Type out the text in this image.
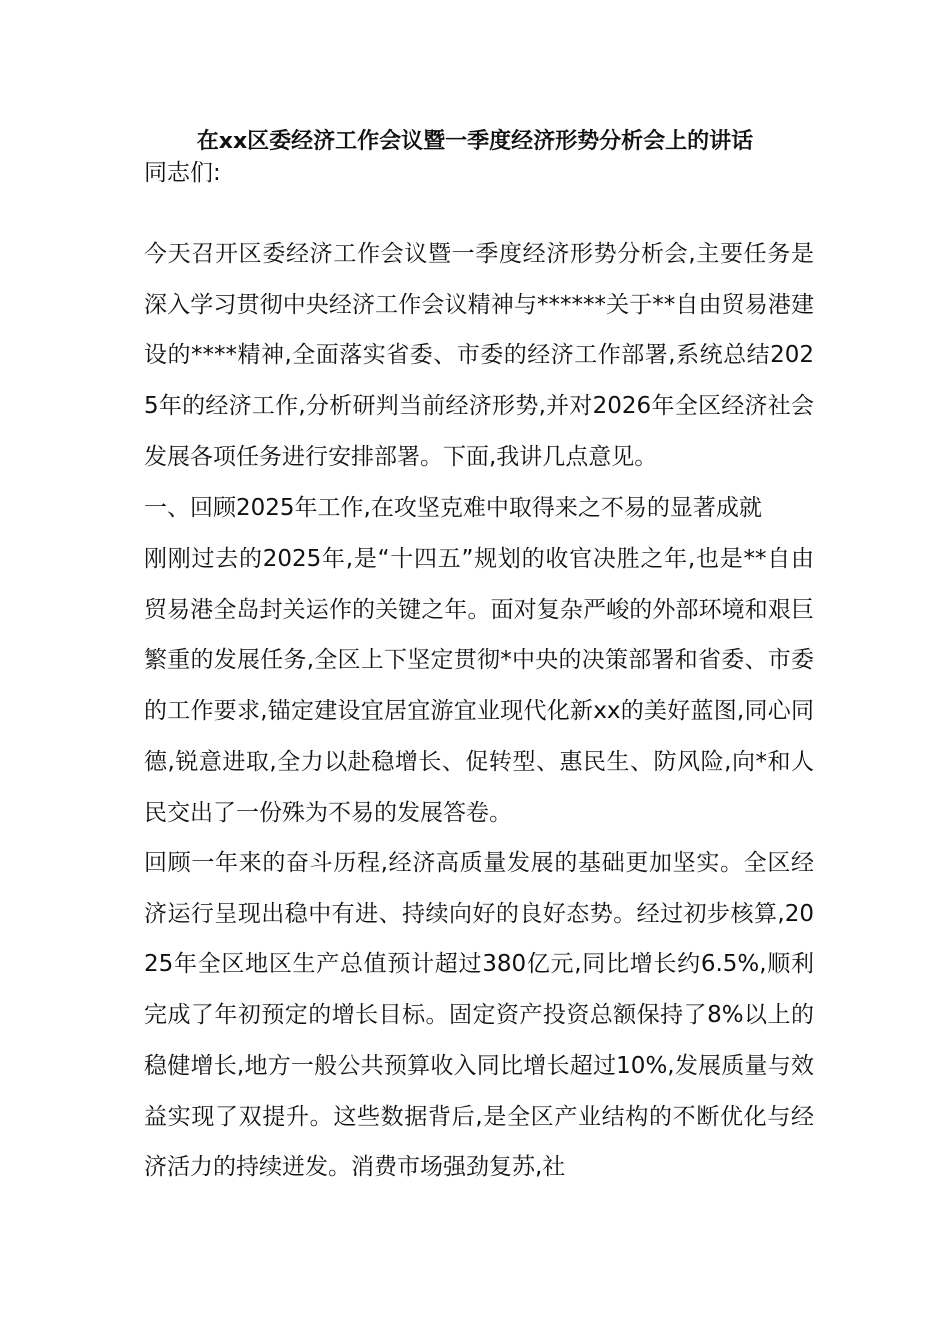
在xx区委经济工作会议暨一季度经济形势分析会上的讲话

同志们:

今天召开区委经济工作会议暨一季度经济形势分析会,主要任务是深入学习贯彻中央经济工作会议精神与******关于**自由贸易港建设的****精神,全面落实省委、市委的经济工作部署,系统总结2025年的经济工作,分析研判当前经济形势,并对2026年全区经济社会发展各项任务进行安排部署。下面,我讲几点意见。

一、回顾2025年工作,在攻坚克难中取得来之不易的显著成就

刚刚过去的2025年,是“十四五”规划的收官决胜之年,也是**自由贸易港全岛封关运作的关键之年。面对复杂严峻的外部环境和艰巨繁重的发展任务,全区上下坚定贯彻*中央的决策部署和省委、市委的工作要求,锚定建设宜居宜游宜业现代化新xx的美好蓝图,同心同德,锐意进取,全力以赴稳增长、促转型、惠民生、防风险,向*和人民交出了一份殊为不易的发展答卷。

回顾一年来的奋斗历程,经济高质量发展的基础更加坚实。全区经济运行呈现出稳中有进、持续向好的良好态势。经过初步核算,2025年全区地区生产总值预计超过380亿元,同比增长约6.5%,顺利完成了年初预定的增长目标。固定资产投资总额保持了8%以上的稳健增长,地方一般公共预算收入同比增长超过10%,发展质量与效益实现了双提升。这些数据背后,是全区产业结构的不断优化与经济活力的持续迸发。消费市场强劲复苏,社
